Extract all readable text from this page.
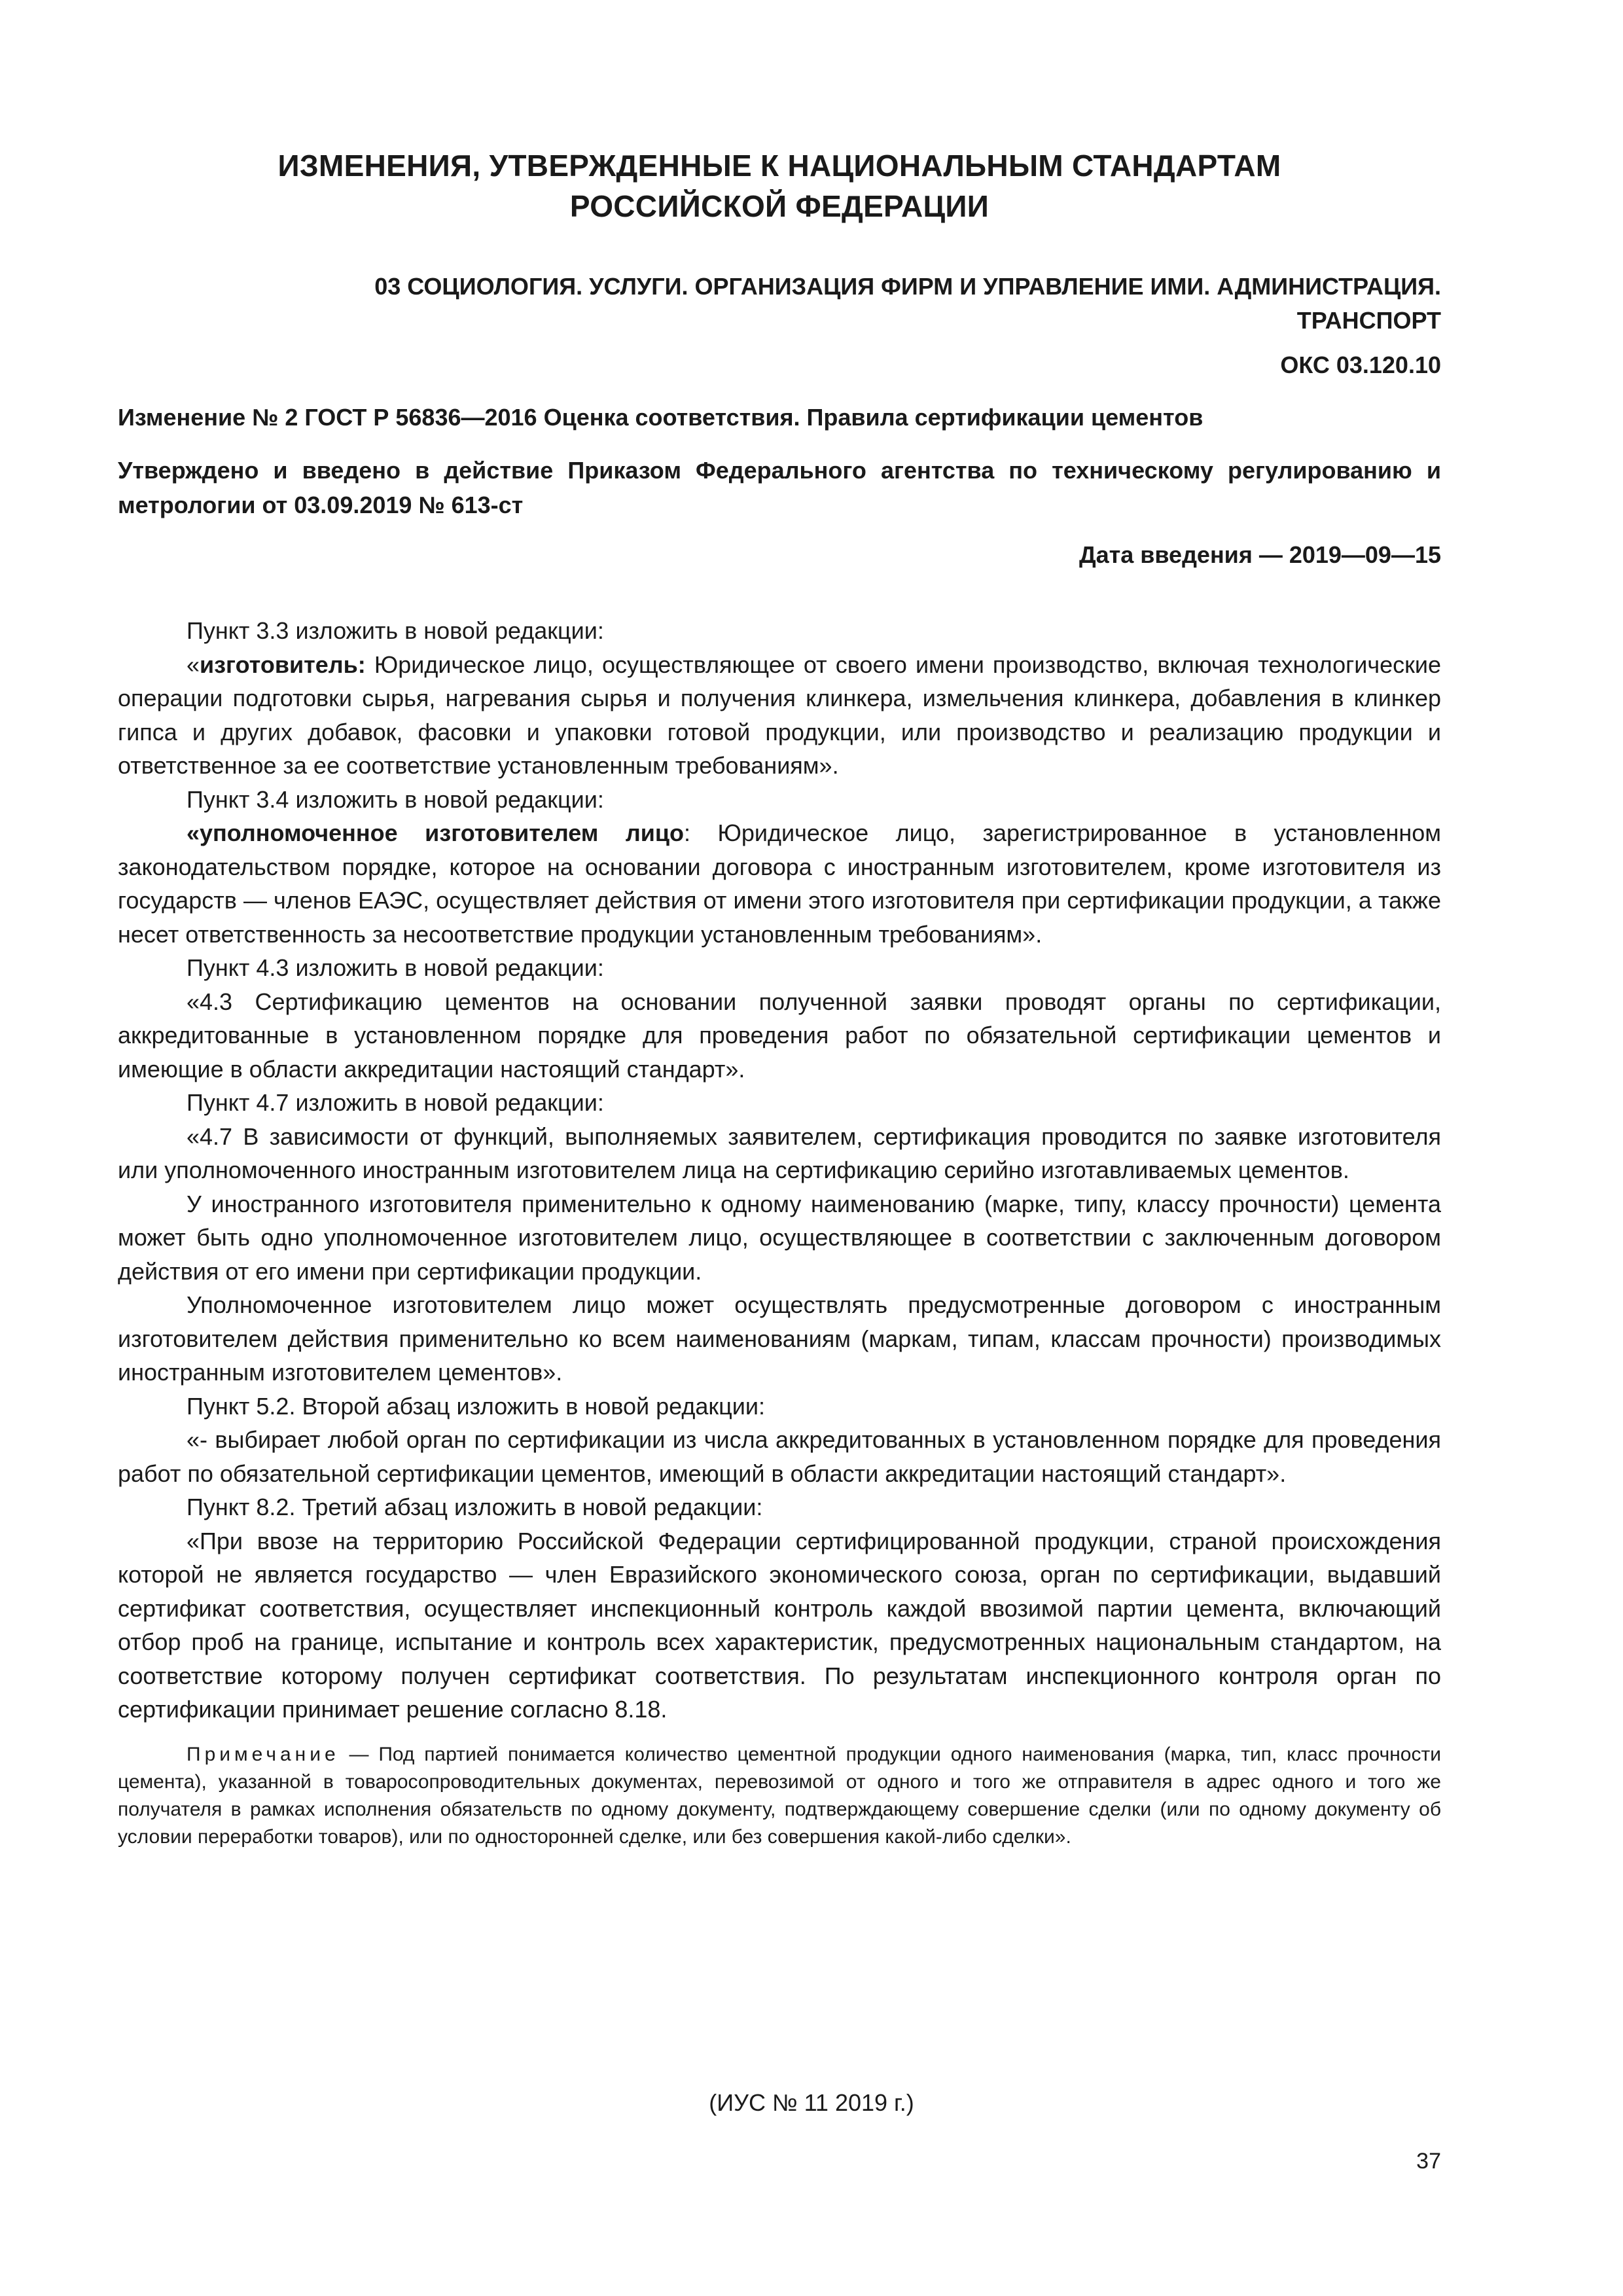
ИЗМЕНЕНИЯ, УТВЕРЖДЕННЫЕ К НАЦИОНАЛЬНЫМ СТАНДАРТАМ
РОССИЙСКОЙ ФЕДЕРАЦИИ
03 СОЦИОЛОГИЯ. УСЛУГИ. ОРГАНИЗАЦИЯ ФИРМ И УПРАВЛЕНИЕ ИМИ. АДМИНИСТРАЦИЯ.
ТРАНСПОРТ
ОКС 03.120.10
Изменение № 2 ГОСТ Р 56836—2016 Оценка соответствия. Правила сертификации цементов
Утверждено и введено в действие Приказом Федерального агентства по техническому регулированию и метрологии от 03.09.2019 № 613-ст
Дата введения — 2019—09—15

Пункт 3.3 изложить в новой редакции:

«изготовитель: Юридическое лицо, осуществляющее от своего имени производство, включая технологические операции подготовки сырья, нагревания сырья и получения клинкера, измельчения клинкера, добавления в клинкер гипса и других добавок, фасовки и упаковки готовой продукции, или производство и реализацию продукции и ответственное за ее соответствие установленным требованиям».

Пункт 3.4 изложить в новой редакции:

«уполномоченное изготовителем лицо: Юридическое лицо, зарегистрированное в установленном законодательством порядке, которое на основании договора с иностранным изготовителем, кроме изготовителя из государств — членов ЕАЭС, осуществляет действия от имени этого изготовителя при сертификации продукции, а также несет ответственность за несоответствие продукции установленным требованиям».

Пункт 4.3 изложить в новой редакции:

«4.3 Сертификацию цементов на основании полученной заявки проводят органы по сертификации, аккредитованные в установленном порядке для проведения работ по обязательной сертификации цементов и имеющие в области аккредитации настоящий стандарт».

Пункт 4.7 изложить в новой редакции:

«4.7 В зависимости от функций, выполняемых заявителем, сертификация проводится по заявке изготовителя или уполномоченного иностранным изготовителем лица на сертификацию серийно изготавливаемых цементов.

У иностранного изготовителя применительно к одному наименованию (марке, типу, классу прочности) цемента может быть одно уполномоченное изготовителем лицо, осуществляющее в соответствии с заключенным договором действия от его имени при сертификации продукции.

Уполномоченное изготовителем лицо может осуществлять предусмотренные договором с иностранным изготовителем действия применительно ко всем наименованиям (маркам, типам, классам прочности) производимых иностранным изготовителем цементов».

Пункт 5.2. Второй абзац изложить в новой редакции:

«- выбирает любой орган по сертификации из числа аккредитованных в установленном порядке для проведения работ по обязательной сертификации цементов, имеющий в области аккредитации настоящий стандарт».

Пункт 8.2. Третий абзац изложить в новой редакции:

«При ввозе на территорию Российской Федерации сертифицированной продукции, страной происхождения которой не является государство — член Евразийского экономического союза, орган по сертификации, выдавший сертификат соответствия, осуществляет инспекционный контроль каждой ввозимой партии цемента, включающий отбор проб на границе, испытание и контроль всех характеристик, предусмотренных национальным стандартом, на соответствие которому получен сертификат соответствия. По результатам инспекционного контроля орган по сертификации принимает решение согласно 8.18.

Примечание — Под партией понимается количество цементной продукции одного наименования (марка, тип, класс прочности цемента), указанной в товаросопроводительных документах, перевозимой от одного и того же отправителя в адрес одного и того же получателя в рамках исполнения обязательств по одному документу, подтверждающему совершение сделки (или по одному документу об условии переработки товаров), или по односторонней сделке, или без совершения какой-либо сделки».
(ИУС № 11 2019 г.)
37
